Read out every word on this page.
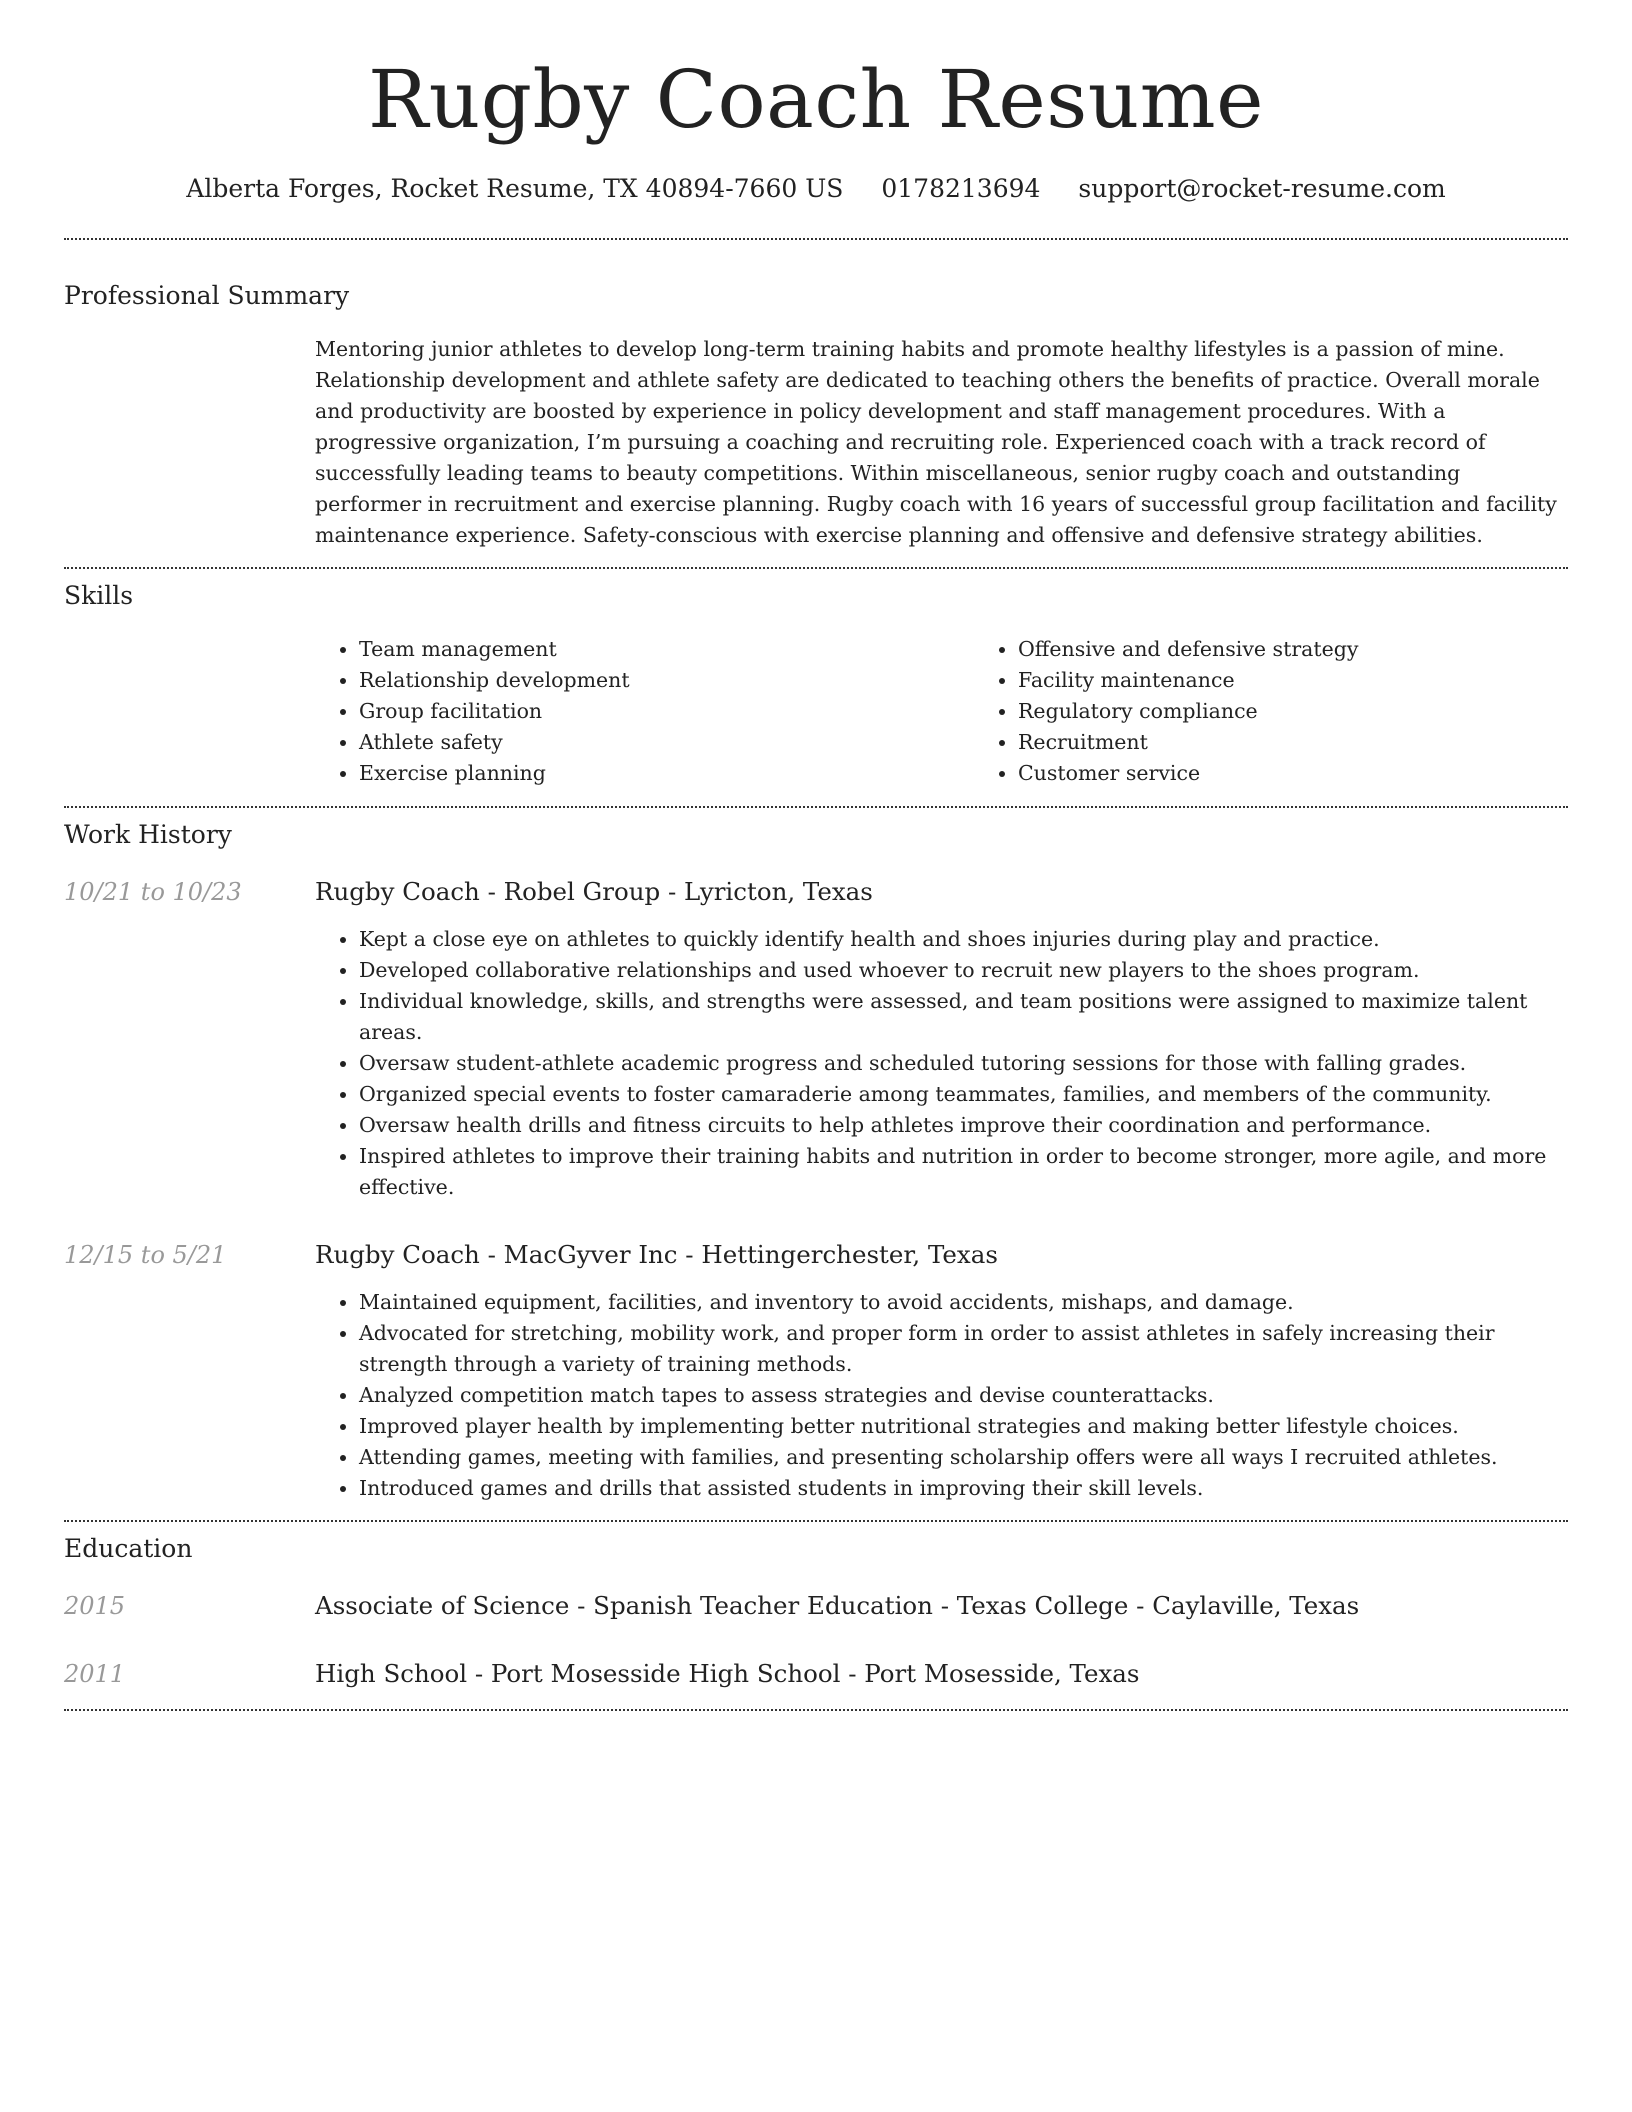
Rugby Coach Resume
Alberta Forges, Rocket Resume, TX 40894-7660 US 0178213694 support@rocket-resume.com
Professional Summary

Mentoring junior athletes to develop long-term training habits and promote healthy lifestyles is a passion of mine. Relationship development and athlete safety are dedicated to teaching others the benefits of practice. Overall morale and productivity are boosted by experience in policy development and staff management procedures. With a progressive organization, I’m pursuing a coaching and recruiting role. Experienced coach with a track record of successfully leading teams to beauty competitions. Within miscellaneous, senior rugby coach and outstanding performer in recruitment and exercise planning. Rugby coach with 16 years of successful group facilitation and facility maintenance experience. Safety-conscious with exercise planning and offensive and defensive strategy abilities.

Skills
• Team management
• Relationship development
• Group facilitation
• Athlete safety
• Exercise planning
• Offensive and defensive strategy
• Facility maintenance
• Regulatory compliance
• Recruitment
• Customer service
Work History
10/21 to 10/23	Rugby Coach - Robel Group - Lyricton, Texas
• Kept a close eye on athletes to quickly identify health and shoes injuries during play and practice.
• Developed collaborative relationships and used whoever to recruit new players to the shoes program.
• Individual knowledge, skills, and strengths were assessed, and team positions were assigned to maximize talent areas.
• Oversaw student-athlete academic progress and scheduled tutoring sessions for those with falling grades.
• Organized special events to foster camaraderie among teammates, families, and members of the community.
• Oversaw health drills and fitness circuits to help athletes improve their coordination and performance.
• Inspired athletes to improve their training habits and nutrition in order to become stronger, more agile, and more effective.
12/15 to 5/21	Rugby Coach - MacGyver Inc - Hettingerchester, Texas
• Maintained equipment, facilities, and inventory to avoid accidents, mishaps, and damage.
• Advocated for stretching, mobility work, and proper form in order to assist athletes in safely increasing their strength through a variety of training methods.
• Analyzed competition match tapes to assess strategies and devise counterattacks.
• Improved player health by implementing better nutritional strategies and making better lifestyle choices.
• Attending games, meeting with families, and presenting scholarship offers were all ways I recruited athletes.
• Introduced games and drills that assisted students in improving their skill levels.
Education
2015	Associate of Science - Spanish Teacher Education - Texas College - Caylaville, Texas
2011	High School - Port Mosesside High School - Port Mosesside, Texas
